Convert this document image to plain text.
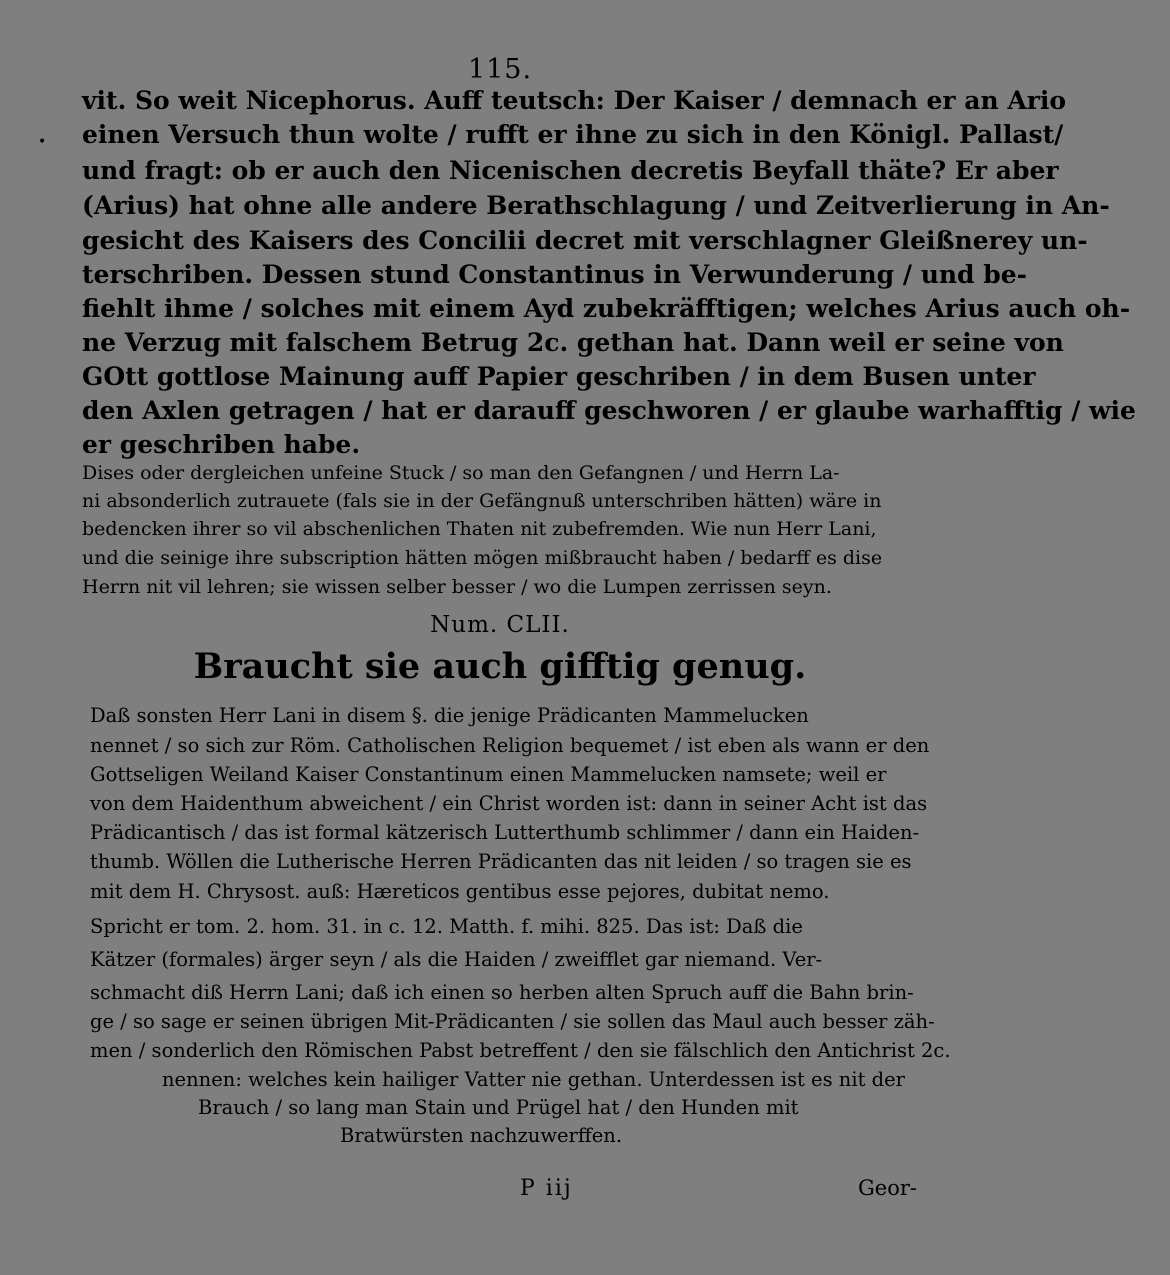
115.
•
vit. So weit Nicephorus. Auff teutsch: Der Kaiser / demnach er an Ario
einen Versuch thun wolte / rufft er ihne zu sich in den Königl. Pallast/
und fragt: ob er auch den Nicenischen decretis Beyfall thäte? Er aber
(Arius) hat ohne alle andere Berathschlagung / und Zeitverlierung in An-
gesicht des Kaisers des Concilii decret mit verschlagner Gleißnerey un-
terschriben. Dessen stund Constantinus in Verwunderung / und be-
fiehlt ihme / solches mit einem Ayd zubekräfftigen; welches Arius auch oh-
ne Verzug mit falschem Betrug 2c. gethan hat. Dann weil er seine von
GOtt gottlose Mainung auff Papier geschriben / in dem Busen unter
den Axlen getragen / hat er darauff geschworen / er glaube warhafftig / wie
er geschriben habe.
Dises oder dergleichen unfeine Stuck / so man den Gefangnen / und Herrn La-
ni absonderlich zutrauete (fals sie in der Gefängnuß unterschriben hätten) wäre in
bedencken ihrer so vil abschenlichen Thaten nit zubefremden. Wie nun Herr Lani,
und die seinige ihre subscription hätten mögen mißbraucht haben / bedarff es dise
Herrn nit vil lehren; sie wissen selber besser / wo die Lumpen zerrissen seyn.
Num. CLII.
Braucht sie auch gifftig genug.
Daß sonsten Herr Lani in disem §. die jenige Prädicanten Mammelucken
nennet / so sich zur Röm. Catholischen Religion bequemet / ist eben als wann er den
Gottseligen Weiland Kaiser Constantinum einen Mammelucken namsete; weil er
von dem Haidenthum abweichent / ein Christ worden ist: dann in seiner Acht ist das
Prädicantisch / das ist formal kätzerisch Lutterthumb schlimmer / dann ein Haiden-
thumb. Wöllen die Lutherische Herren Prädicanten das nit leiden / so tragen sie es
mit dem H. Chrysost. auß: Hæreticos gentibus esse pejores, dubitat nemo.
Spricht er tom. 2. hom. 31. in c. 12. Matth. f. mihi. 825. Das ist: Daß die
Kätzer (formales) ärger seyn / als die Haiden / zweifflet gar niemand. Ver-
schmacht diß Herrn Lani; daß ich einen so herben alten Spruch auff die Bahn brin-
ge / so sage er seinen übrigen Mit-Prädicanten / sie sollen das Maul auch besser zäh-
men / sonderlich den Römischen Pabst betreffent / den sie fälschlich den Antichrist 2c.
nennen: welches kein hailiger Vatter nie gethan. Unterdessen ist es nit der
Brauch / so lang man Stain und Prügel hat / den Hunden mit
Bratwürsten nachzuwerffen.
P iij	Geor-
